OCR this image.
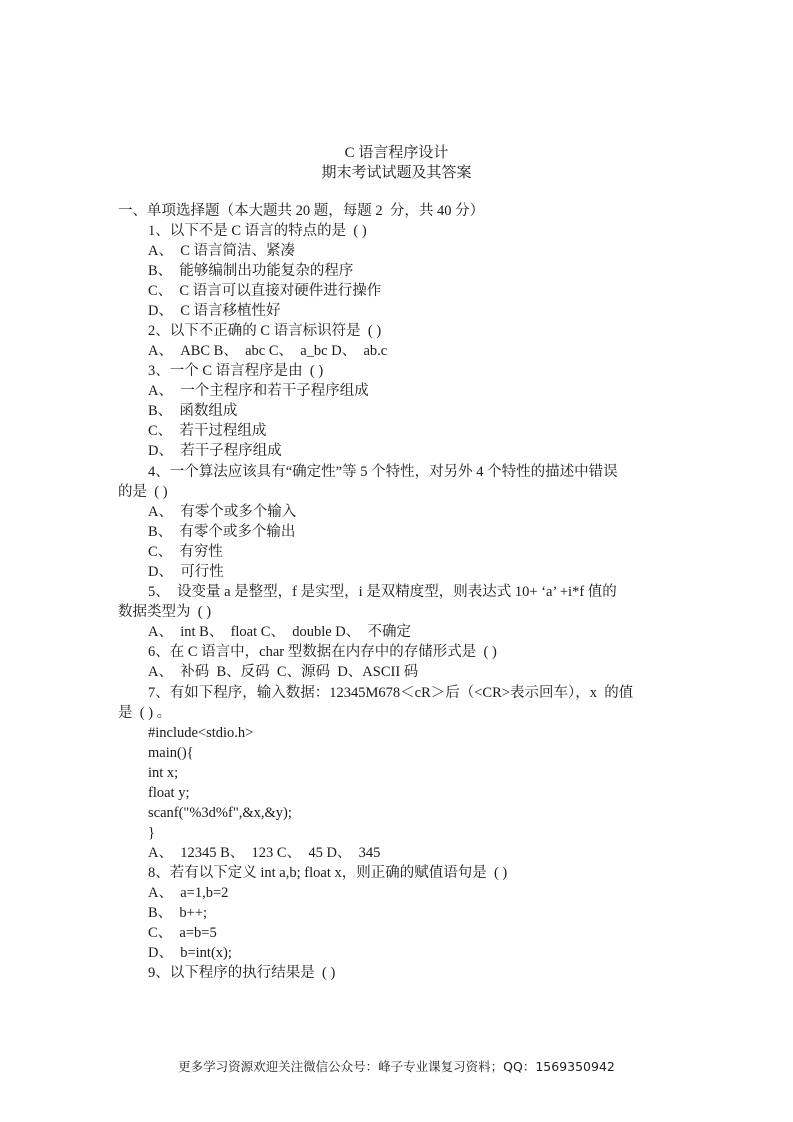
C 语言程序设计
期末考试试题及其答案
一、单项选择题（本大题共 20 题，每题 2  分，共 40 分）
1、以下不是 C 语言的特点的是  ( )
A、  C 语言简洁、紧凑
B、  能够编制出功能复杂的程序
C、  C 语言可以直接对硬件进行操作
D、  C 语言移植性好
2、以下不正确的 C 语言标识符是  ( )
A、  ABC B、  abc C、  a_bc D、  ab.c
3、一个 C 语言程序是由  ( )
A、  一个主程序和若干子程序组成
B、  函数组成
C、  若干过程组成
D、  若干子程序组成
4、一个算法应该具有“确定性”等 5 个特性，对另外 4 个特性的描述中错误
的是  ( )
A、  有零个或多个输入
B、  有零个或多个输出
C、  有穷性
D、  可行性
5、  设变量 a 是整型，f 是实型，i 是双精度型，则表达式 10+ ‘a’ +i*f 值的
数据类型为  ( )
A、  int B、  float C、  double D、  不确定
6、在 C 语言中，char 型数据在内存中的存储形式是  ( )
A、  补码  B、反码  C、源码  D、ASCII 码
7、有如下程序，输入数据：12345M678＜cR＞后（<CR>表示回车），x  的值
是  ( ) 。
#include<stdio.h>
main(){
int x;
float y;
scanf("%3d%f",&x,&y);
}
A、  12345 B、  123 C、  45 D、  345
8、若有以下定义 int a,b; float x，则正确的赋值语句是  ( )
A、  a=1,b=2
B、  b++;
C、  a=b=5
D、  b=int(x);
9、以下程序的执行结果是  ( )
更多学习资源欢迎关注微信公众号：峰子专业课复习资料；QQ：1569350942
